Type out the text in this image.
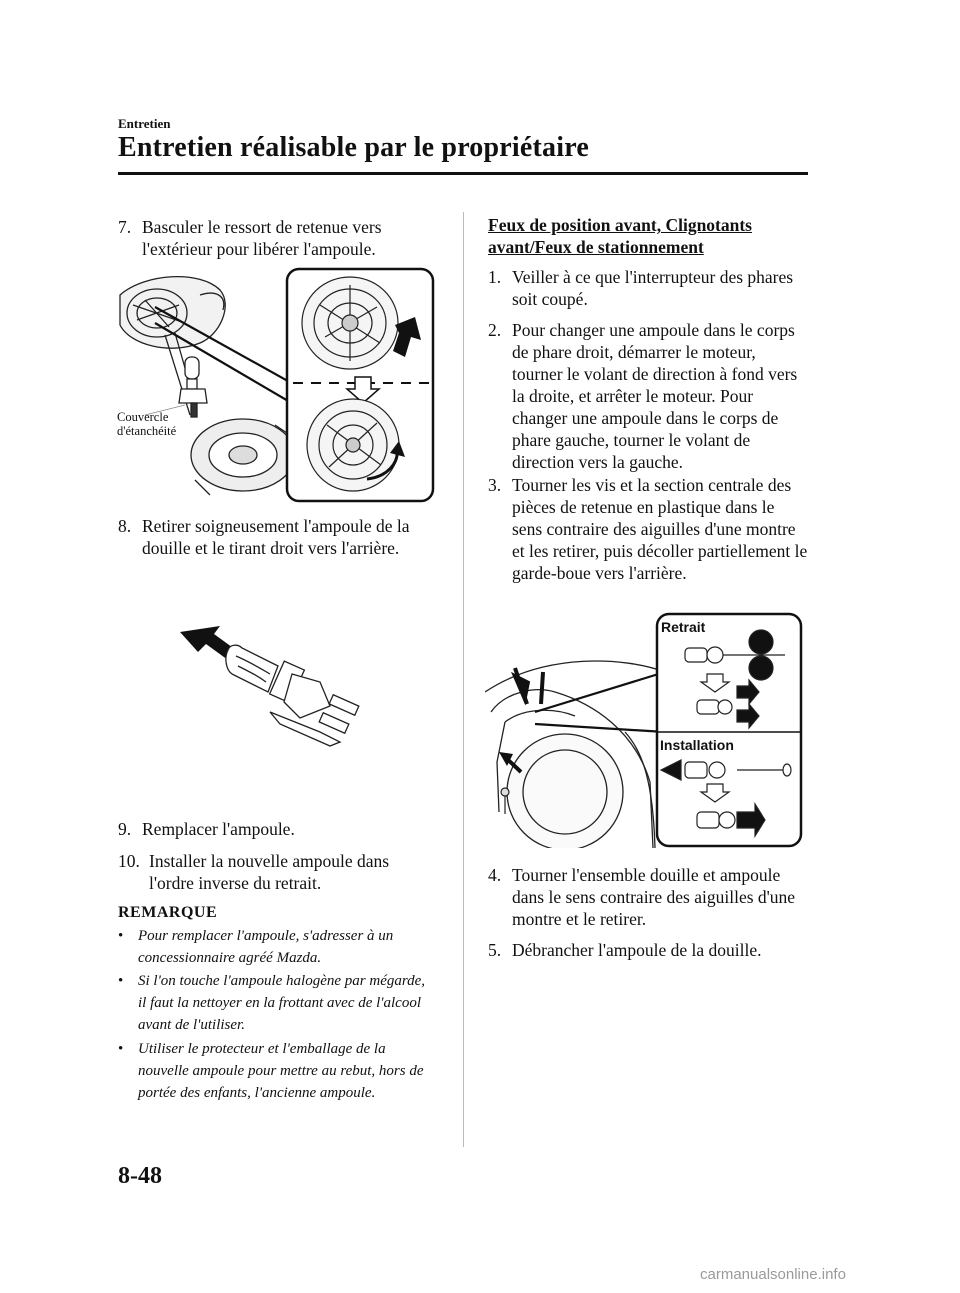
Entretien
Entretien réalisable par le propriétaire
7. Basculer le ressort de retenue vers l'extérieur pour libérer l'ampoule.
Couvercle
d'étanchéité
8. Retirer soigneusement l'ampoule de la douille et le tirant droit vers l'arrière.
9. Remplacer l'ampoule.
10. Installer la nouvelle ampoule dans l'ordre inverse du retrait.
REMARQUE
• Pour remplacer l'ampoule, s'adresser à un concessionnaire agréé Mazda.
• Si l'on touche l'ampoule halogène par mégarde, il faut la nettoyer en la frottant avec de l'alcool avant de l'utiliser.
• Utiliser le protecteur et l'emballage de la nouvelle ampoule pour mettre au rebut, hors de portée des enfants, l'ancienne ampoule.
Feux de position avant, Clignotants avant/Feux de stationnement
1. Veiller à ce que l'interrupteur des phares soit coupé.
2. Pour changer une ampoule dans le corps de phare droit, démarrer le moteur, tourner le volant de direction à fond vers la droite, et arrêter le moteur. Pour changer une ampoule dans le corps de phare gauche, tourner le volant de direction vers la gauche.
3. Tourner les vis et la section centrale des pièces de retenue en plastique dans le sens contraire des aiguilles d'une montre et les retirer, puis décoller partiellement le garde-boue vers l'arrière.
Retrait
Installation
4. Tourner l'ensemble douille et ampoule dans le sens contraire des aiguilles d'une montre et le retirer.
5. Débrancher l'ampoule de la douille.
8-48
carmanualsonline.info
